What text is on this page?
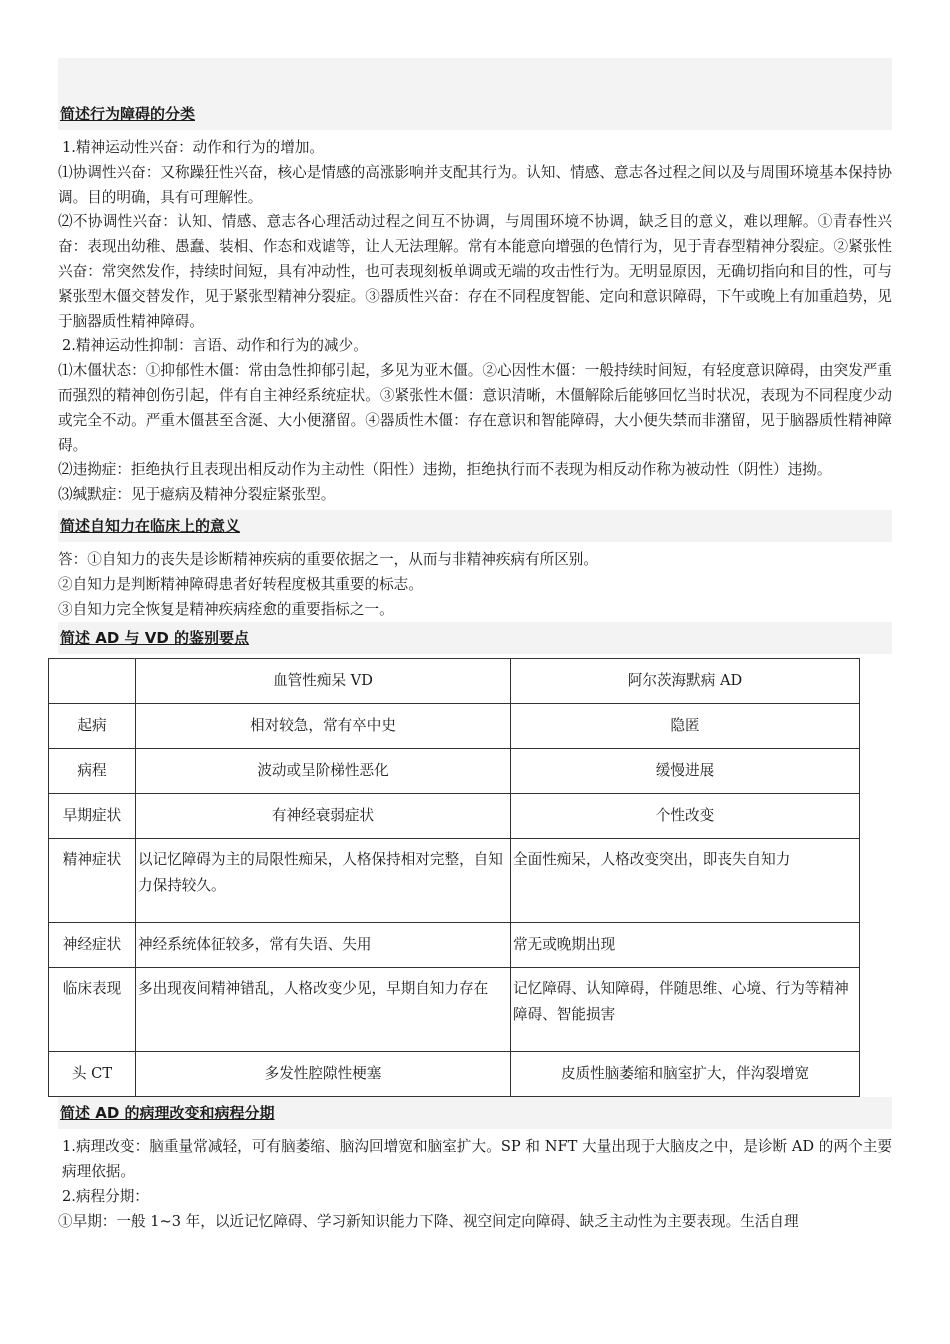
简述行为障碍的分类

1.精神运动性兴奋：动作和行为的增加。

⑴协调性兴奋：又称躁狂性兴奋，核心是情感的高涨影响并支配其行为。认知、情感、意志各过程之间以及与周围环境基本保持协调。目的明确，具有可理解性。

⑵不协调性兴奋：认知、情感、意志各心理活动过程之间互不协调，与周围环境不协调，缺乏目的意义，难以理解。①青春性兴奋：表现出幼稚、愚蠢、装相、作态和戏谑等，让人无法理解。常有本能意向增强的色情行为，见于青春型精神分裂症。②紧张性兴奋：常突然发作，持续时间短，具有冲动性，也可表现刻板单调或无端的攻击性行为。无明显原因，无确切指向和目的性，可与紧张型木僵交替发作，见于紧张型精神分裂症。③器质性兴奋：存在不同程度智能、定向和意识障碍，下午或晚上有加重趋势，见于脑器质性精神障碍。

2.精神运动性抑制：言语、动作和行为的减少。

⑴木僵状态：①抑郁性木僵：常由急性抑郁引起，多见为亚木僵。②心因性木僵：一般持续时间短，有轻度意识障碍，由突发严重而强烈的精神创伤引起，伴有自主神经系统症状。③紧张性木僵：意识清晰，木僵解除后能够回忆当时状况，表现为不同程度少动或完全不动。严重木僵甚至含涎、大小便潴留。④器质性木僵：存在意识和智能障碍，大小便失禁而非潴留，见于脑器质性精神障碍。

⑵违拗症：拒绝执行且表现出相反动作为主动性（阳性）违拗，拒绝执行而不表现为相反动作称为被动性（阴性）违拗。

⑶缄默症：见于癔病及精神分裂症紧张型。

简述自知力在临床上的意义

答：①自知力的丧失是诊断精神疾病的重要依据之一，从而与非精神疾病有所区别。

②自知力是判断精神障碍患者好转程度极其重要的标志。

③自知力完全恢复是精神疾病痊愈的重要指标之一。

简述 AD 与 VD 的鉴别要点
	血管性痴呆 VD	阿尔茨海默病 AD
起病	相对较急，常有卒中史	隐匿
病程	波动或呈阶梯性恶化	缓慢进展
早期症状	有神经衰弱症状	个性改变
精神症状	以记忆障碍为主的局限性痴呆，人格保持相对完整，自知力保持较久。	全面性痴呆，人格改变突出，即丧失自知力
神经症状	神经系统体征较多，常有失语、失用	常无或晚期出现
临床表现	多出现夜间精神错乱，人格改变少见，早期自知力存在	记忆障碍、认知障碍，伴随思维、心境、行为等精神障碍、智能损害
头 CT	多发性腔隙性梗塞	皮质性脑萎缩和脑室扩大，伴沟裂增宽
简述 AD 的病理改变和病程分期

1.病理改变：脑重量常减轻，可有脑萎缩、脑沟回增宽和脑室扩大。SP 和 NFT 大量出现于大脑皮之中，是诊断 AD 的两个主要病理依据。

2.病程分期：

①早期：一般 1~3 年，以近记忆障碍、学习新知识能力下降、视空间定向障碍、缺乏主动性为主要表现。生活自理
